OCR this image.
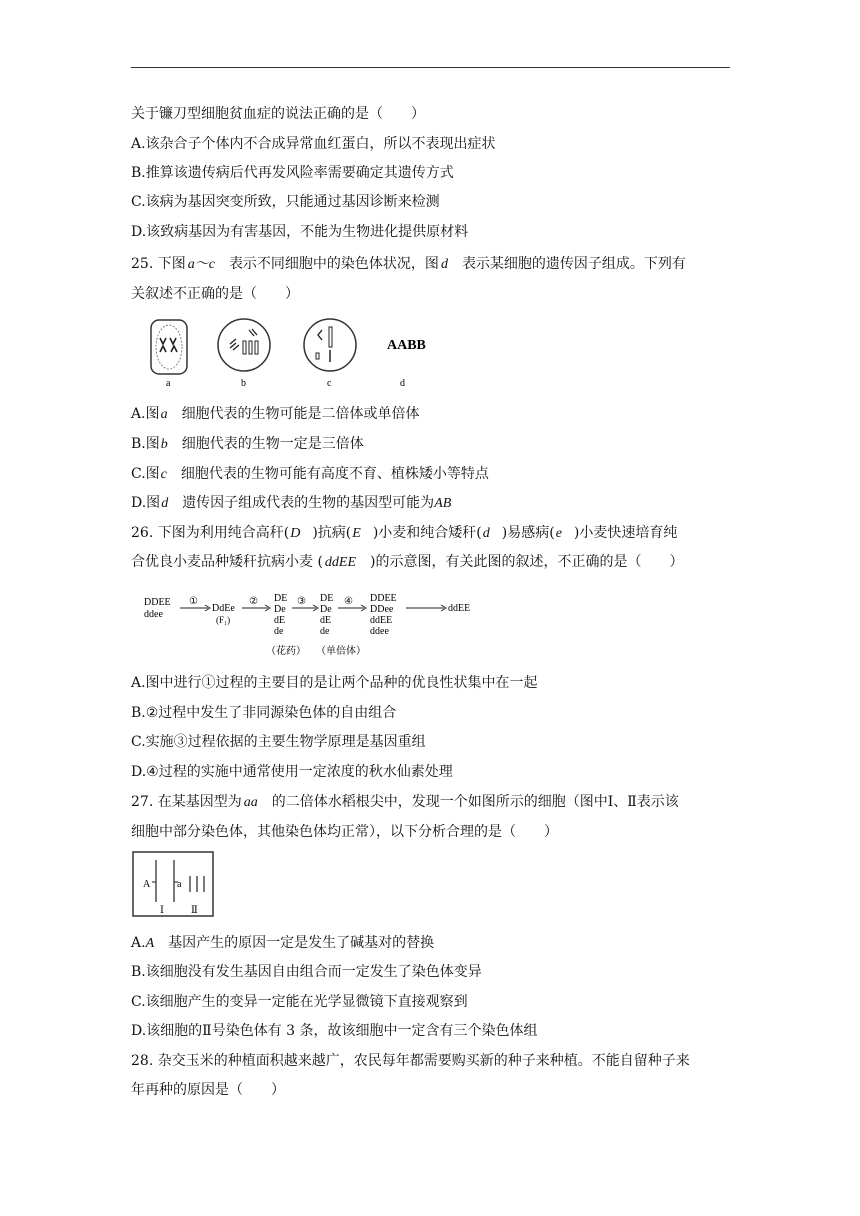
关于镰刀型细胞贫血症的说法正确的是（　　）
A.该杂合子个体内不合成异常血红蛋白，所以不表现出症状
B.推算该遗传病后代再发风险率需要确定其遗传方式
C.该病为基因突变所致，只能通过基因诊断来检测
D.该致病基因为有害基因，不能为生物进化提供原材料
25. 下图 a～c 表示不同细胞中的染色体状况，图 d 表示某细胞的遗传因子组成。下列有
关叙述不正确的是（　　）
a	b	c
AABB
d
A.图a 细胞代表的生物可能是二倍体或单倍体
B.图b 细胞代表的生物一定是三倍体
C.图c 细胞代表的生物可能有高度不育、植株矮小等特点
D.图d 遗传因子组成代表的生物的基因型可能为AB
26. 下图为利用纯合高秆(D )抗病(E )小麦和纯合矮秆(d )易感病(e )小麦快速培育纯
合优良小麦品种矮秆抗病小麦 ( ddEE )的示意图，有关此图的叙述，不正确的是（　　）
DDEE
ddee
①
DdEe
(F₁)
② DE
De
dE
de
③ DE
De
dE
de
④ DDEE
DDee
ddEE
ddee
ddEE
（花药） （单倍体）
A.图中进行①过程的主要目的是让两个品种的优良性状集中在一起
B.②过程中发生了非同源染色体的自由组合
C.实施③过程依据的主要生物学原理是基因重组
D.④过程的实施中通常使用一定浓度的秋水仙素处理
27. 在某基因型为 aa 的二倍体水稻根尖中，发现一个如图所示的细胞（图中Ⅰ、Ⅱ表示该
细胞中部分染色体，其他染色体均正常），以下分析合理的是（　　）
A	a
Ⅰ	Ⅱ
A.A 基因产生的原因一定是发生了碱基对的替换
B.该细胞没有发生基因自由组合而一定发生了染色体变异
C.该细胞产生的变异一定能在光学显微镜下直接观察到
D.该细胞的Ⅱ号染色体有 3 条，故该细胞中一定含有三个染色体组
28. 杂交玉米的种植面积越来越广，农民每年都需要购买新的种子来种植。不能自留种子来
年再种的原因是（　　）
